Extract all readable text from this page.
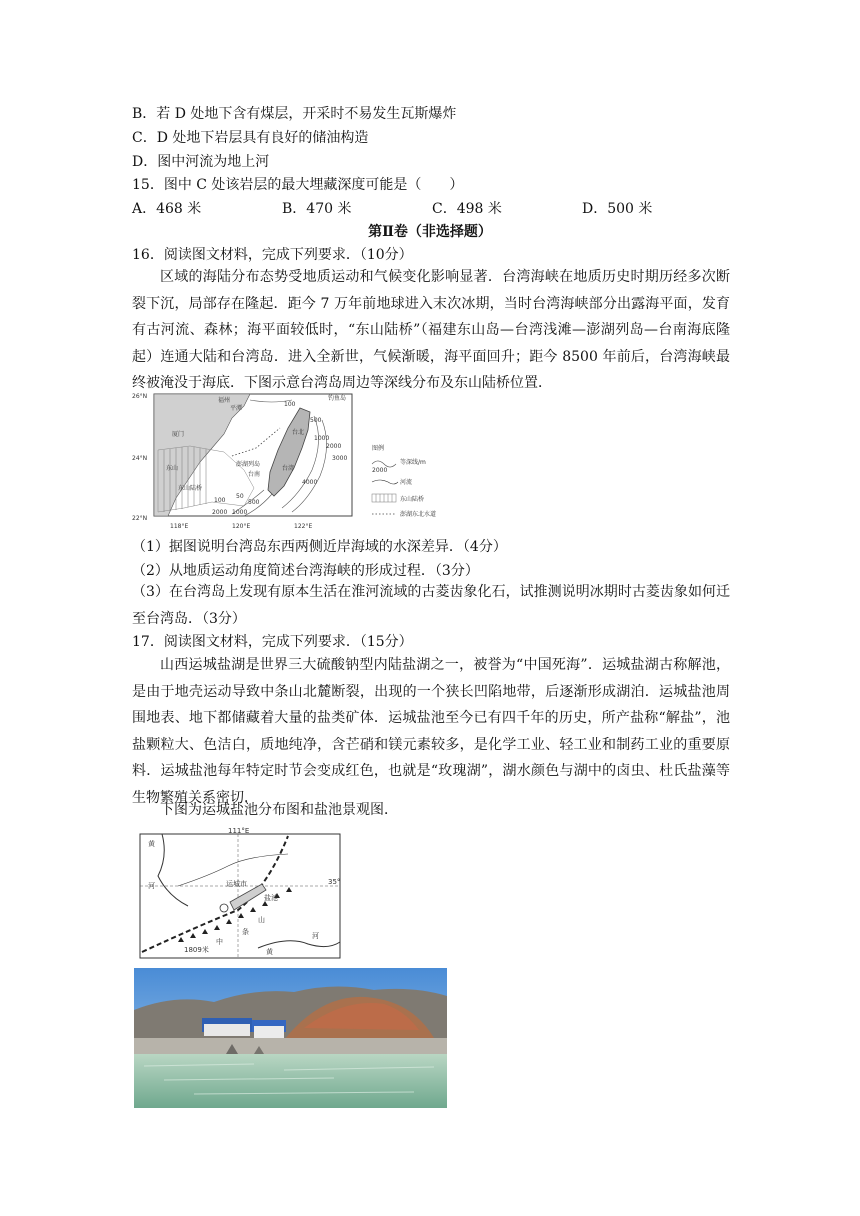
B．若 D 处地下含有煤层，开采时不易发生瓦斯爆炸
C．D 处地下岩层具有良好的储油构造
D．图中河流为地上河
15．图中 C 处该岩层的最大埋藏深度可能是（　　）
A．468 米	B．470 米	C．498 米	D．500 米
第Ⅱ卷（非选择题）
16．阅读图文材料，完成下列要求．（10分）
区域的海陆分布态势受地质运动和气候变化影响显著．台湾海峡在地质历史时期历经多次断裂下沉，局部存在隆起．距今 7 万年前地球进入末次冰期，当时台湾海峡部分出露海平面，发育有古河流、森林；海平面较低时，“东山陆桥”（福建东山岛—台湾浅滩—澎湖列岛—台南海底隆起）连通大陆和台湾岛．进入全新世，气候渐暖，海平面回升；距今 8500 年前后，台湾海峡最终被淹没于海底．下图示意台湾岛周边等深线分布及东山陆桥位置．
26°N
24°N
22°N
118°E	120°E	122°E
福州
平潭
厦门
东山
澎湖列岛
台南
台湾
钓鱼岛
东山陆桥
台北
100
500
1000
2000
3000
4000
50
100	500
1000
2000
图例
2000
等深线/m
河流
东山陆桥
澎湖东北水道
（1）据图说明台湾岛东西两侧近岸海域的水深差异．（4分）
（2）从地质运动角度简述台湾海峡的形成过程．（3分）
（3）在台湾岛上发现有原本生活在淮河流域的古菱齿象化石，试推测说明冰期时古菱齿象如何迁至台湾岛．（3分）
17．阅读图文材料，完成下列要求．（15分）
山西运城盐湖是世界三大硫酸钠型内陆盐湖之一，被誉为“中国死海”．运城盐湖古称解池，是由于地壳运动导致中条山北麓断裂，出现的一个狭长凹陷地带，后逐渐形成湖泊．运城盐池周围地表、地下都储藏着大量的盐类矿体．运城盐池至今已有四千年的历史，所产盐称“解盐”，池盐颗粒大、色洁白，质地纯净，含芒硝和镁元素较多，是化学工业、轻工业和制药工业的重要原料．运城盐池每年特定时节会变成红色，也就是“玫瑰湖”，湖水颜色与湖中的卤虫、杜氏盐藻等生物繁殖关系密切．
下图为运城盐池分布图和盐池景观图．
111°E
35°
黄
河	运城市
盐池
中
条
山
1809米	黄
河
